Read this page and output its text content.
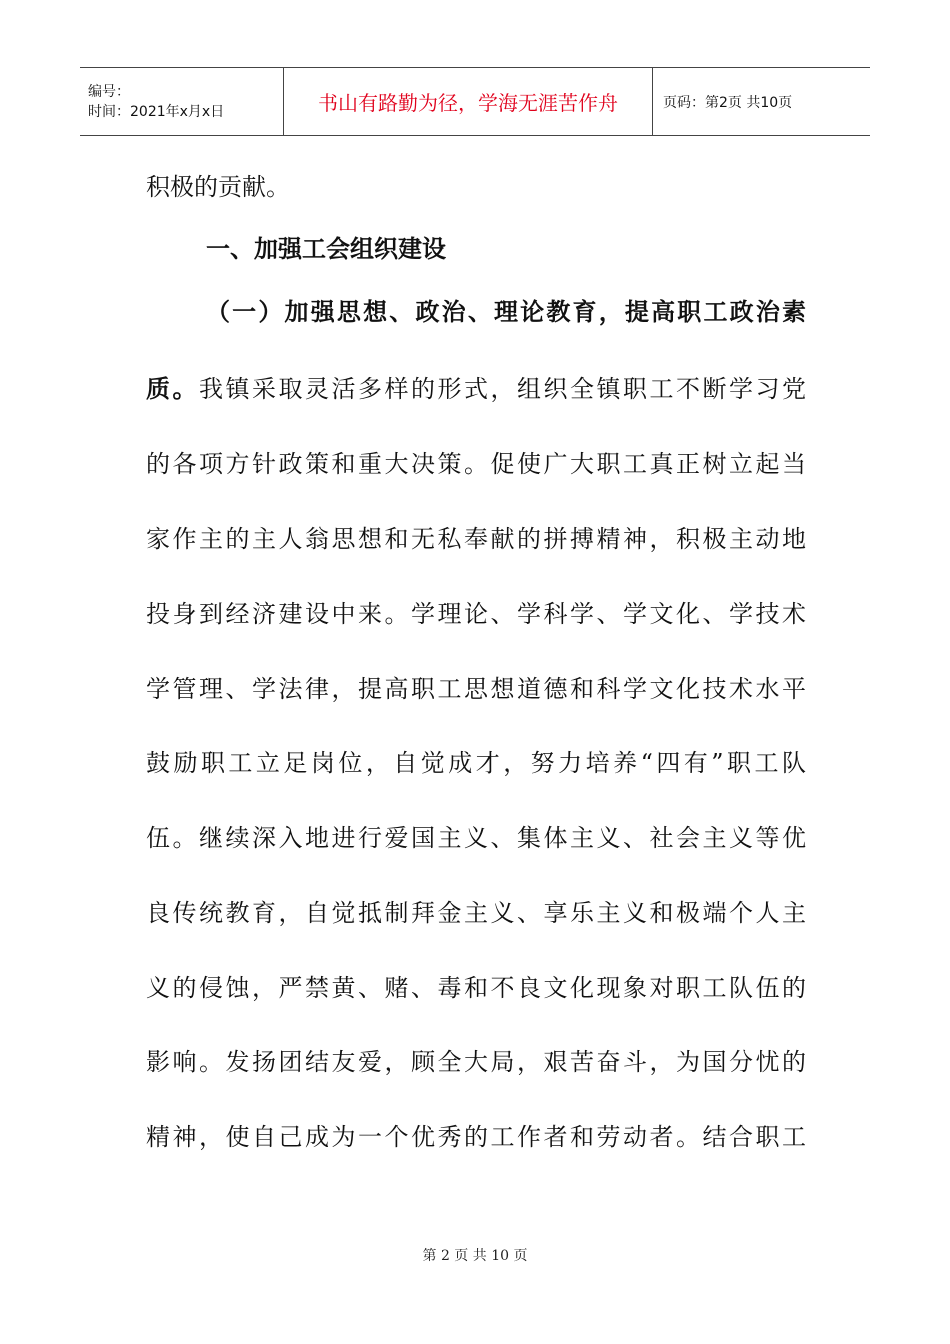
编号：
时间：2021年x月x日	书山有路勤为径，学海无涯苦作舟	页码：第2页 共10页
积极的贡献。
一、加强工会组织建设
（一）加强思想、政治、理论教育，提高职工政治素
质。我镇采取灵活多样的形式，组织全镇职工不断学习党
的各项方针政策和重大决策。促使广大职工真正树立起当
家作主的主人翁思想和无私奉献的拼搏精神，积极主动地
投身到经济建设中来。学理论、学科学、学文化、学技术
学管理、学法律，提高职工思想道德和科学文化技术水平
鼓励职工立足岗位，自觉成才，努力培养“四有”职工队
伍。继续深入地进行爱国主义、集体主义、社会主义等优
良传统教育，自觉抵制拜金主义、享乐主义和极端个人主
义的侵蚀，严禁黄、赌、毒和不良文化现象对职工队伍的
影响。发扬团结友爱，顾全大局，艰苦奋斗，为国分忧的
精神，使自己成为一个优秀的工作者和劳动者。结合职工
第 2 页 共 10 页
